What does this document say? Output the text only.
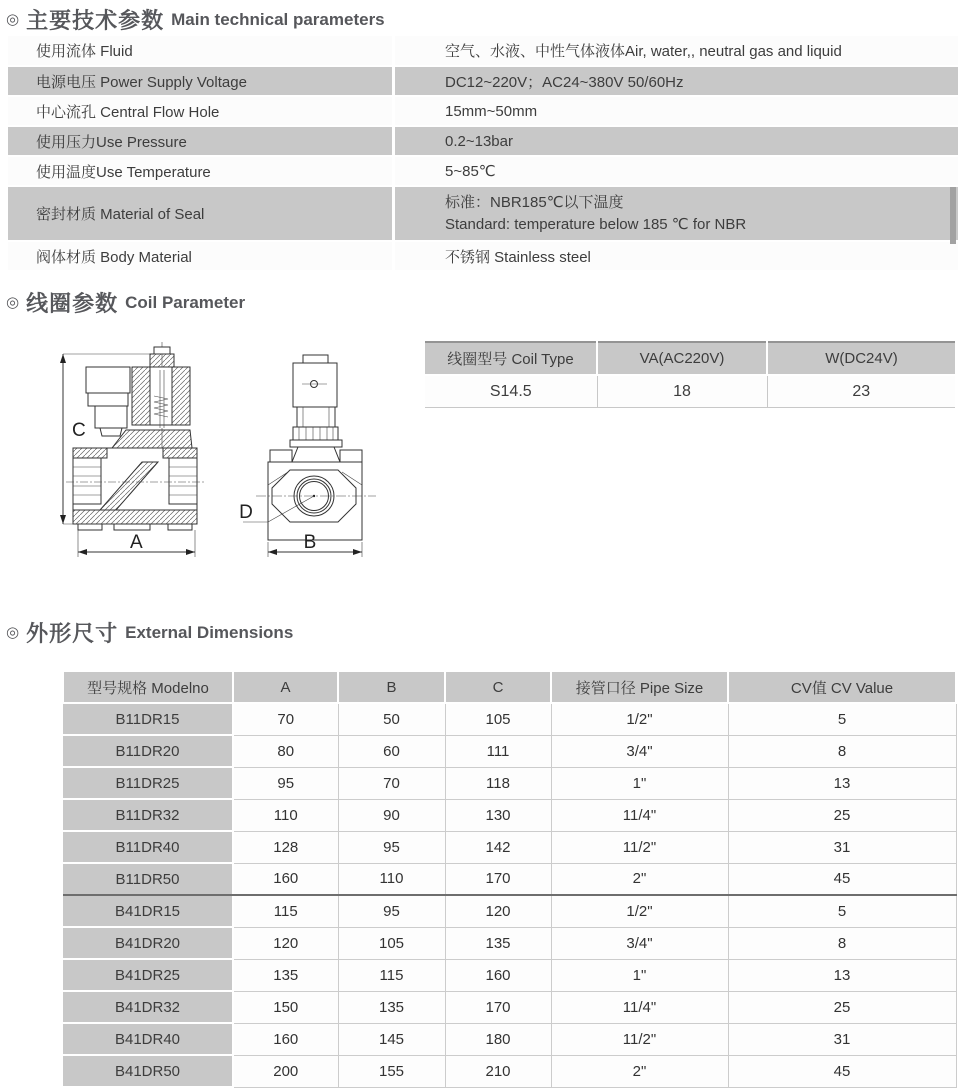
◎ 主要技术参数 Main technical parameters
使用流体 Fluid	空气、水液、中性气体液体Air, water,, neutral gas and liquid
电源电压 Power Supply Voltage	DC12~220V；AC24~380V 50/60Hz
中心流孔 Central Flow Hole	15mm~50mm
使用压力Use Pressure	0.2~13bar
使用温度Use Temperature	5~85℃
密封材质 Material of Seal	标准：NBR185℃以下温度
Standard: temperature below 185 ℃ for NBR

阀体材质 Body Material	不锈钢 Stainless steel
◎ 线圈参数 Coil Parameter
C
A
D
B
线圈型号 Coil Type	VA(AC220V)	W(DC24V)
S14.5	18	23
◎ 外形尺寸 External Dimensions
型号规格 Modelno	A	B	C	接管口径 Pipe Size	CV值 CV Value
B11DR15	70	50	105	1/2"	5
B11DR20	80	60	111	3/4"	8
B11DR25	95	70	118	1"	13
B11DR32	110	90	130	11/4"	25
B11DR40	128	95	142	11/2"	31
B11DR50	160	110	170	2"	45
B41DR15	115	95	120	1/2"	5
B41DR20	120	105	135	3/4"	8
B41DR25	135	115	160	1"	13
B41DR32	150	135	170	11/4"	25
B41DR40	160	145	180	11/2"	31
B41DR50	200	155	210	2"	45
